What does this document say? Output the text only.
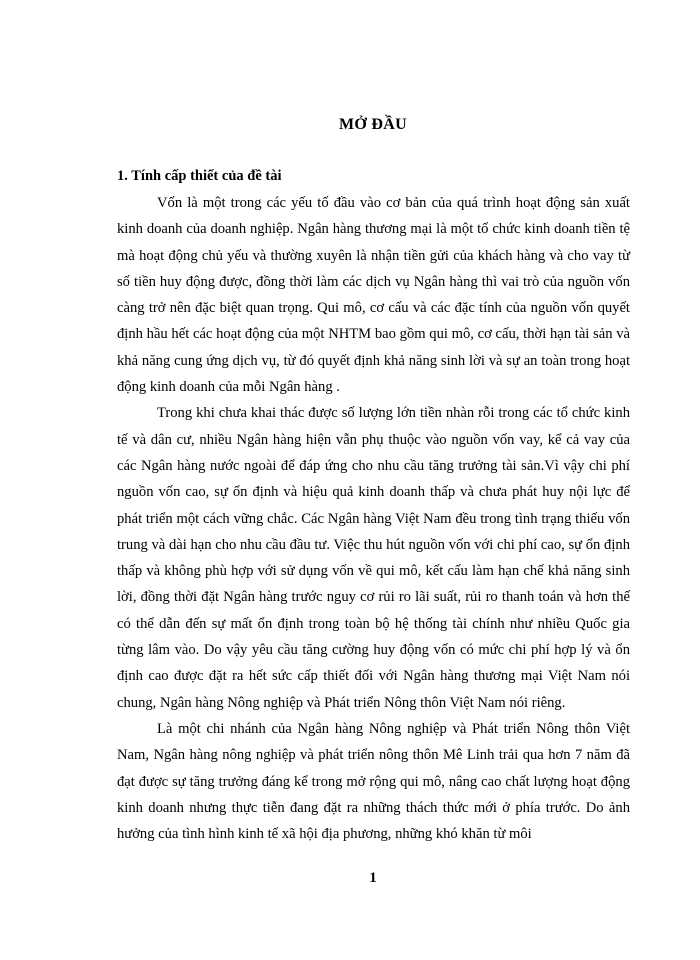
MỞ ĐẦU
1. Tính cấp thiết của đề tài

Vốn là một trong các yếu tố đầu vào cơ bản của quá trình hoạt động sản xuất kinh doanh của doanh nghiệp. Ngân hàng thương mại là một tổ chức kinh doanh tiền tệ mà hoạt động chủ yếu và thường xuyên là nhận tiền gửi của khách hàng và cho vay từ số tiền huy động được, đồng thời làm các dịch vụ Ngân hàng thì vai trò của nguồn vốn càng trở nên đặc biệt quan trọng. Qui mô, cơ cấu và các đặc tính của nguồn vốn quyết định hầu hết các hoạt động của một NHTM bao gồm qui mô, cơ cấu, thời hạn tài sản và khả năng cung ứng dịch vụ, từ đó quyết định khả năng sinh lời và sự an toàn trong hoạt động kinh doanh của mỗi Ngân hàng .

Trong khi chưa khai thác được số lượng lớn tiền nhàn rỗi trong các tổ chức kinh tế và dân cư, nhiều Ngân hàng hiện vẫn phụ thuộc vào nguồn vốn vay, kể cả vay của các Ngân hàng nước ngoài để đáp ứng cho nhu cầu tăng trưởng tài sản.Vì vậy chi phí nguồn vốn cao, sự ổn định và hiệu quả kinh doanh thấp và chưa phát huy nội lực để phát triển một cách vững chắc. Các Ngân hàng Việt Nam đều trong tình trạng thiếu vốn trung và dài hạn cho nhu cầu đầu tư. Việc thu hút nguồn vốn với chi phí cao, sự ổn định thấp và không phù hợp với sử dụng vốn về qui mô, kết cấu làm hạn chế khả năng sinh lời, đồng thời đặt Ngân hàng trước nguy cơ rủi ro lãi suất, rủi ro thanh toán và hơn thế có thể dẫn đến sự mất ổn định trong toàn bộ hệ thống tài chính như nhiều Quốc gia từng lâm vào. Do vậy yêu cầu tăng cường huy động vốn có mức chi phí hợp lý và ổn định cao được đặt ra hết sức cấp thiết đối với Ngân hàng thương mại Việt Nam nói chung, Ngân hàng Nông nghiệp và Phát triển Nông thôn Việt Nam nói riêng.

Là một chi nhánh của Ngân hàng Nông nghiệp và Phát triển Nông thôn Việt Nam, Ngân hàng nông nghiệp và phát triển nông thôn Mê Linh trải qua hơn 7 năm đã đạt được sự tăng trưởng đáng kể trong mở rộng qui mô, nâng cao chất lượng hoạt động kinh doanh nhưng thực tiễn đang đặt ra những thách thức mới ở phía trước. Do ảnh hưởng của tình hình kinh tế xã hội địa phương, những khó khăn từ môi

1
